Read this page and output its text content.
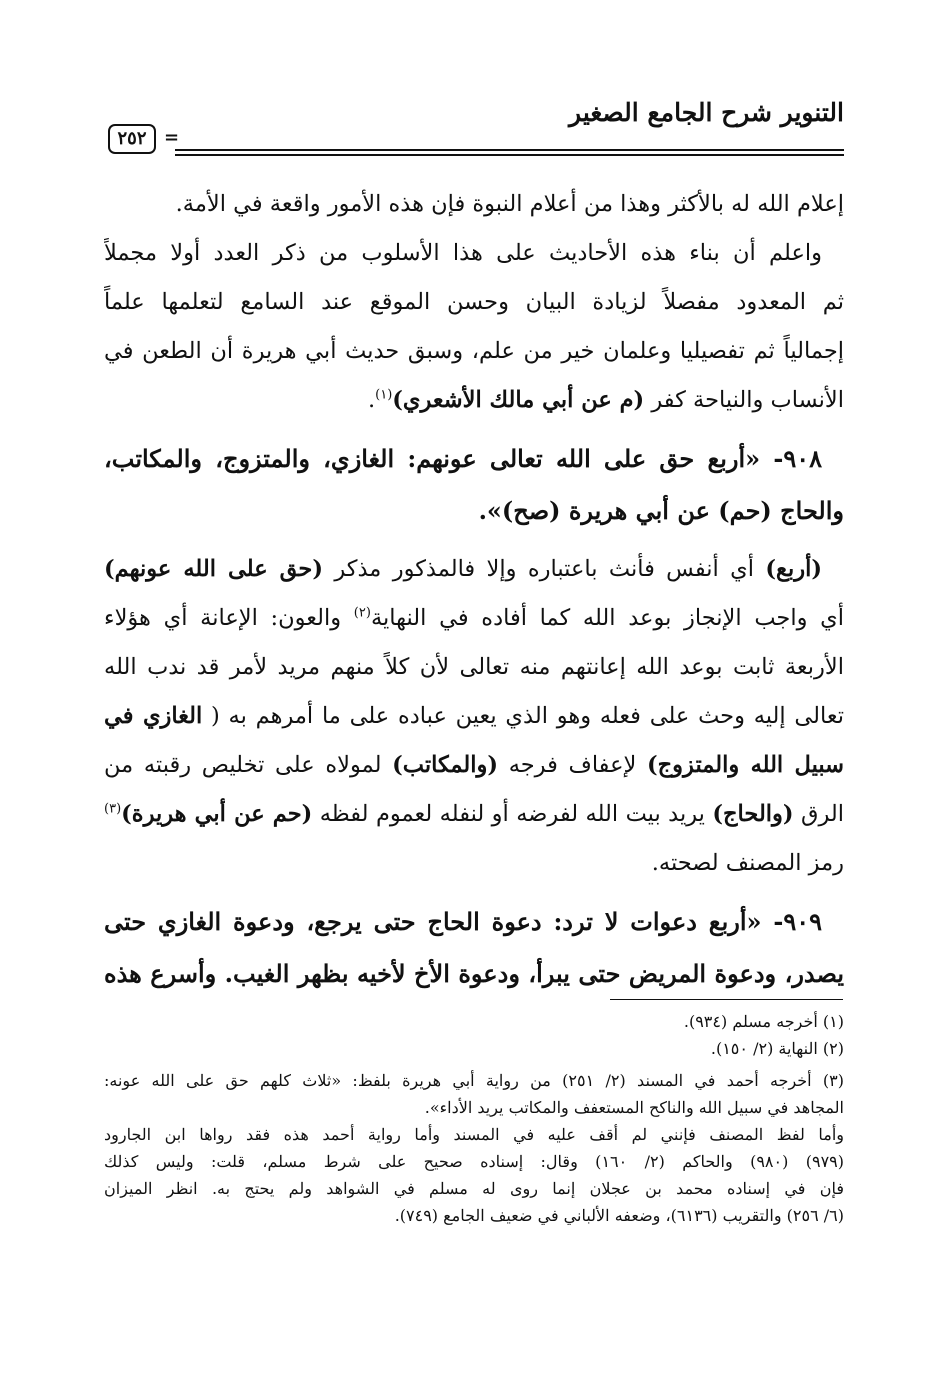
التنوير شرح الجامع الصغير
=
٢٥٢
إعلام الله له بالأكثر وهذا من أعلام النبوة فإن هذه الأمور واقعة في الأمة.
واعلم أن بناء هذه الأحاديث على هذا الأسلوب من ذكر العدد أولا مجملاً
ثم المعدود مفصلاً لزيادة البيان وحسن الموقع عند السامع لتعلمها علماً
إجمالياً ثم تفصيليا وعلمان خير من علم، وسبق حديث أبي هريرة أن الطعن في
الأنساب والنياحة كفر (م عن أبي مالك الأشعري)$^{(١)}$.
٩٠٨- «أربع حق على الله تعالى عونهم: الغازي، والمتزوج، والمكاتب،
والحاج (حم) عن أبي هريرة (صح)».
(أربع) أي أنفس فأنث باعتباره وإلا فالمذكور مذكر (حق على الله عونهم)
أي واجب الإنجاز بوعد الله كما أفاده في النهاية$^{(٢)}$ والعون: الإعانة أي هؤلاء
الأربعة ثابت بوعد الله إعانتهم منه تعالى لأن كلاً منهم مريد لأمر قد ندب الله
تعالى إليه وحث على فعله وهو الذي يعين عباده على ما أمرهم به ( الغازي في
سبيل الله والمتزوج) لإعفاف فرجه (والمكاتب) لمولاه على تخليص رقبته من
الرق (والحاج) يريد بيت الله لفرضه أو لنفله لعموم لفظه (حم عن أبي هريرة)$^{(٣)}$
رمز المصنف لصحته.
٩٠٩- «أربع دعوات لا ترد: دعوة الحاج حتى يرجع، ودعوة الغازي حتى
يصدر، ودعوة المريض حتى يبرأ، ودعوة الأخ لأخيه بظهر الغيب. وأسرع هذه
(١) أخرجه مسلم (٩٣٤).
(٢) النهاية (٢/ ١٥٠).
(٣) أخرجه أحمد في المسند (٢/ ٢٥١) من رواية أبي هريرة بلفظ: «ثلاث كلهم حق على الله عونه:
المجاهد في سبيل الله والناكح المستعفف والمكاتب يريد الأداء».
وأما لفظ المصنف فإنني لم أقف عليه في المسند وأما رواية أحمد هذه فقد رواها ابن الجارود
(٩٧٩) (٩٨٠) والحاكم (٢/ ١٦٠) وقال: إسناده صحيح على شرط مسلم، قلت: وليس كذلك
فإن في إسناده محمد بن عجلان إنما روى له مسلم في الشواهد ولم يحتج به. انظر الميزان
(٦/ ٢٥٦) والتقريب (٦١٣٦)، وضعفه الألباني في ضعيف الجامع (٧٤٩).
